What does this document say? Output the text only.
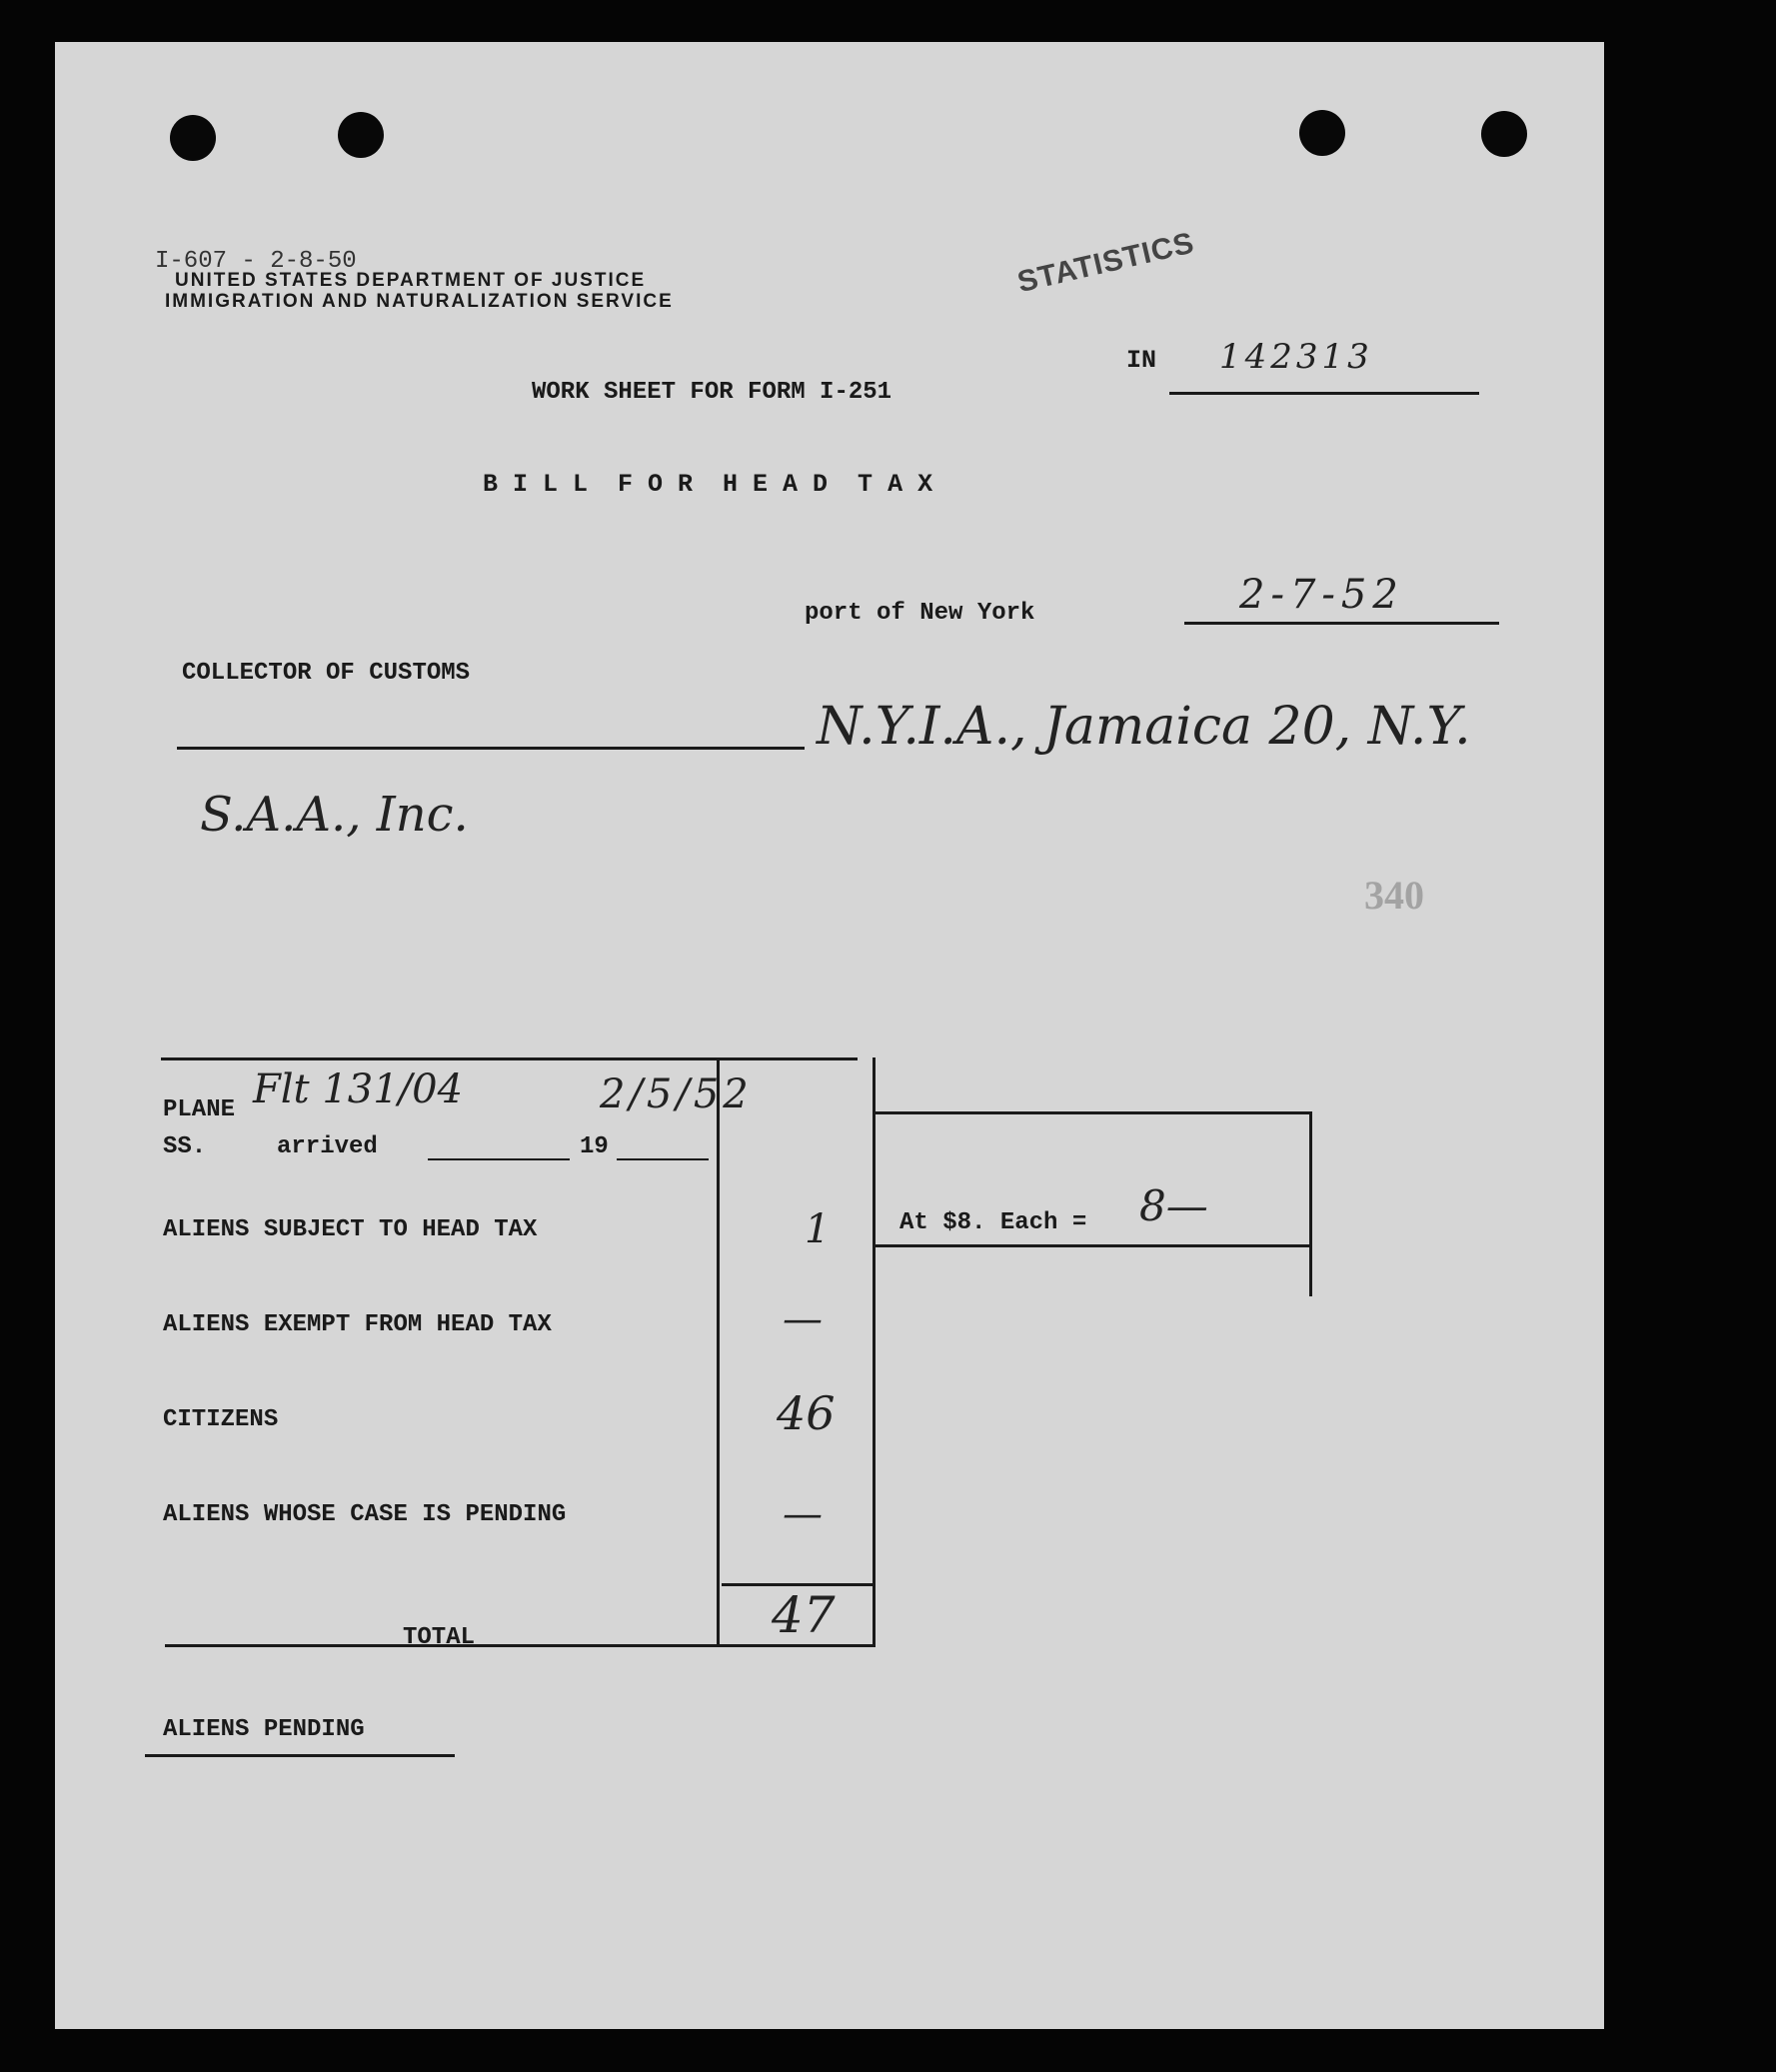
I-607 - 2-8-50
UNITED STATES DEPARTMENT OF JUSTICE
IMMIGRATION AND NATURALIZATION SERVICE
STATISTICS
340
IN 142313
WORK SHEET FOR FORM I-251
B I L L  F O R  H E A D  T A X
port of New York	2-7-52
COLLECTOR OF CUSTOMS
N.Y.I.A., Jamaica 20, N.Y.
S.A.A., Inc.
PLANE Flt 131/04	2/5/52
SS.	arrived	19
ALIENS SUBJECT TO HEAD TAX	1
ALIENS EXEMPT FROM HEAD TAX	—
CITIZENS	46
ALIENS WHOSE CASE IS PENDING	—
TOTAL	47
At $8. Each = 8—
ALIENS PENDING
